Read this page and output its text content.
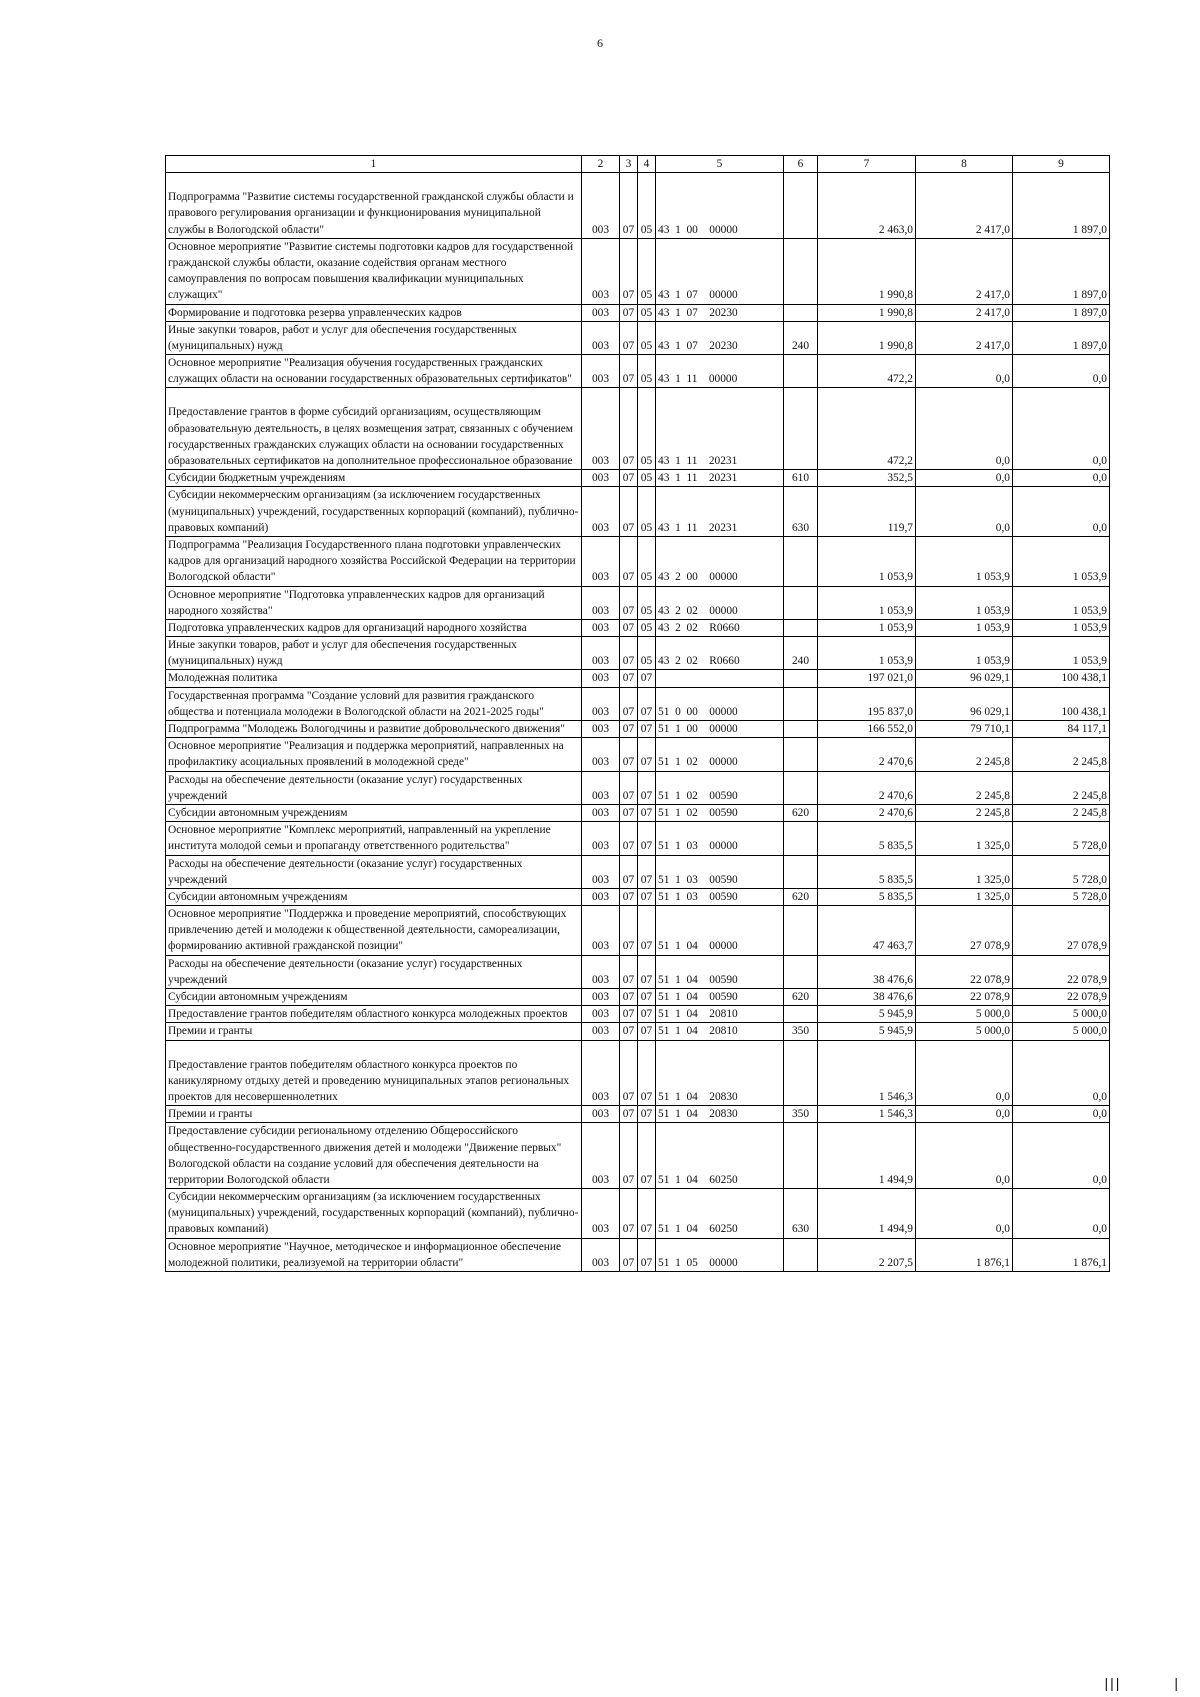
6
1	2	3	4	5	6	7	8	9
Подпрограмма "Развитие системы государственной гражданской службы области и правового регулирования организации и функционирования муниципальной службы в Вологодской области"	003	07	05	43  1  00    00000		2 463,0	2 417,0	1 897,0
Основное мероприятие "Развитие системы подготовки кадров для государственной гражданской службы области, оказание содействия органам местного самоуправления по вопросам повышения квалификации муниципальных служащих"	003	07	05	43  1  07    00000		1 990,8	2 417,0	1 897,0
Формирование и подготовка резерва управленческих кадров	003	07	05	43  1  07    20230		1 990,8	2 417,0	1 897,0
Иные закупки товаров, работ и услуг для обеспечения государственных (муниципальных) нужд	003	07	05	43  1  07    20230	240	1 990,8	2 417,0	1 897,0
Основное мероприятие "Реализация обучения государственных гражданских служащих области на основании государственных образовательных сертификатов"	003	07	05	43  1  11    00000		472,2	0,0	0,0
Предоставление грантов в форме субсидий организациям, осуществляющим образовательную деятельность, в целях возмещения затрат, связанных с обучением государственных гражданских служащих области на основании государственных образовательных сертификатов на дополнительное профессиональное образование	003	07	05	43  1  11    20231		472,2	0,0	0,0
Субсидии бюджетным учреждениям	003	07	05	43  1  11    20231	610	352,5	0,0	0,0
Субсидии некоммерческим организациям (за исключением государственных (муниципальных) учреждений, государственных корпораций (компаний), публично-правовых компаний)	003	07	05	43  1  11    20231	630	119,7	0,0	0,0
Подпрограмма "Реализация Государственного плана подготовки управленческих кадров для организаций народного хозяйства Российской Федерации на территории Вологодской области"	003	07	05	43  2  00    00000		1 053,9	1 053,9	1 053,9
Основное мероприятие "Подготовка управленческих кадров для организаций народного хозяйства"	003	07	05	43  2  02    00000		1 053,9	1 053,9	1 053,9
Подготовка управленческих кадров для организаций народного хозяйства	003	07	05	43  2  02    R0660		1 053,9	1 053,9	1 053,9
Иные закупки товаров, работ и услуг для обеспечения государственных (муниципальных) нужд	003	07	05	43  2  02    R0660	240	1 053,9	1 053,9	1 053,9
Молодежная политика	003	07	07			197 021,0	96 029,1	100 438,1
Государственная программа "Создание условий для развития гражданского общества и потенциала молодежи в Вологодской области на 2021-2025 годы"	003	07	07	51  0  00    00000		195 837,0	96 029,1	100 438,1
Подпрограмма "Молодежь Вологодчины и развитие добровольческого движения"	003	07	07	51  1  00    00000		166 552,0	79 710,1	84 117,1
Основное мероприятие "Реализация и поддержка мероприятий, направленных на профилактику асоциальных проявлений в молодежной среде"	003	07	07	51  1  02    00000		2 470,6	2 245,8	2 245,8
Расходы на обеспечение деятельности (оказание услуг) государственных учреждений	003	07	07	51  1  02    00590		2 470,6	2 245,8	2 245,8
Субсидии автономным учреждениям	003	07	07	51  1  02    00590	620	2 470,6	2 245,8	2 245,8
Основное мероприятие "Комплекс мероприятий, направленный на укрепление института молодой семьи и пропаганду ответственного родительства"	003	07	07	51  1  03    00000		5 835,5	1 325,0	5 728,0
Расходы на обеспечение деятельности (оказание услуг) государственных учреждений	003	07	07	51  1  03    00590		5 835,5	1 325,0	5 728,0
Субсидии автономным учреждениям	003	07	07	51  1  03    00590	620	5 835,5	1 325,0	5 728,0
Основное мероприятие "Поддержка и проведение мероприятий, способствующих привлечению детей и молодежи к общественной деятельности, самореализации, формированию активной гражданской позиции"	003	07	07	51  1  04    00000		47 463,7	27 078,9	27 078,9
Расходы на обеспечение деятельности (оказание услуг) государственных учреждений	003	07	07	51  1  04    00590		38 476,6	22 078,9	22 078,9
Субсидии автономным учреждениям	003	07	07	51  1  04    00590	620	38 476,6	22 078,9	22 078,9
Предоставление грантов победителям областного конкурса молодежных проектов	003	07	07	51  1  04    20810		5 945,9	5 000,0	5 000,0
Премии и гранты	003	07	07	51  1  04    20810	350	5 945,9	5 000,0	5 000,0
Предоставление грантов победителям областного конкурса проектов по каникулярному отдыху детей и проведению муниципальных этапов региональных проектов для несовершеннолетних	003	07	07	51  1  04    20830		1 546,3	0,0	0,0
Премии и гранты	003	07	07	51  1  04    20830	350	1 546,3	0,0	0,0
Предоставление субсидии региональному отделению Общероссийского общественно-государственного движения детей и молодежи "Движение первых" Вологодской области на создание условий для обеспечения деятельности на территории Вологодской области	003	07	07	51  1  04    60250		1 494,9	0,0	0,0
Субсидии некоммерческим организациям (за исключением государственных (муниципальных) учреждений, государственных корпораций (компаний), публично-правовых компаний)	003	07	07	51  1  04    60250	630	1 494,9	0,0	0,0
Основное мероприятие "Научное, методическое и информационное обеспечение молодежной политики, реализуемой на территории области"	003	07	07	51  1  05    00000		2 207,5	1 876,1	1 876,1
|||         |
